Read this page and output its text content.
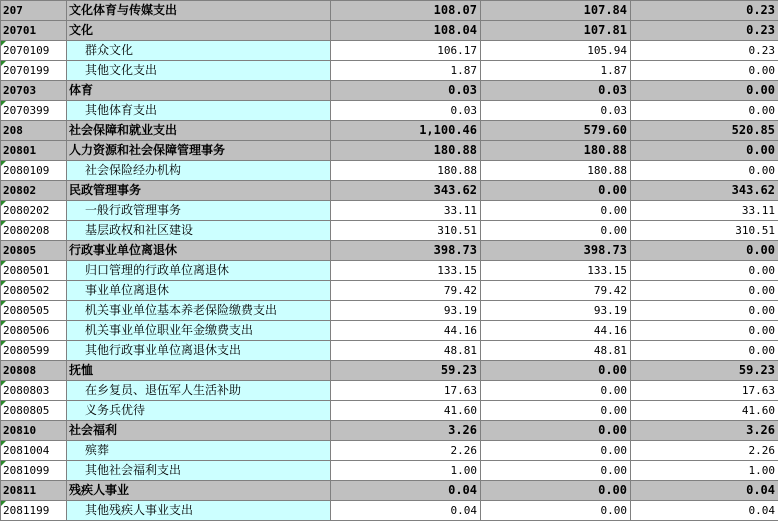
207	文化体育与传媒支出	108.07	107.84	0.23
20701	文化	108.04	107.81	0.23

2070109	群众文化	106.17	105.94	0.23

2070199	其他文化支出	1.87	1.87	0.00
20703	体育	0.03	0.03	0.00

2070399	其他体育支出	0.03	0.03	0.00
208	社会保障和就业支出	1,100.46	579.60	520.85
20801	人力资源和社会保障管理事务	180.88	180.88	0.00

2080109	社会保险经办机构	180.88	180.88	0.00
20802	民政管理事务	343.62	0.00	343.62

2080202	一般行政管理事务	33.11	0.00	33.11

2080208	基层政权和社区建设	310.51	0.00	310.51
20805	行政事业单位离退休	398.73	398.73	0.00

2080501	归口管理的行政单位离退休	133.15	133.15	0.00

2080502	事业单位离退休	79.42	79.42	0.00

2080505	机关事业单位基本养老保险缴费支出	93.19	93.19	0.00

2080506	机关事业单位职业年金缴费支出	44.16	44.16	0.00

2080599	其他行政事业单位离退休支出	48.81	48.81	0.00
20808	抚恤	59.23	0.00	59.23

2080803	在乡复员、退伍军人生活补助	17.63	0.00	17.63

2080805	义务兵优待	41.60	0.00	41.60
20810	社会福利	3.26	0.00	3.26

2081004	殡葬	2.26	0.00	2.26

2081099	其他社会福利支出	1.00	0.00	1.00
20811	残疾人事业	0.04	0.00	0.04

2081199	其他残疾人事业支出	0.04	0.00	0.04
